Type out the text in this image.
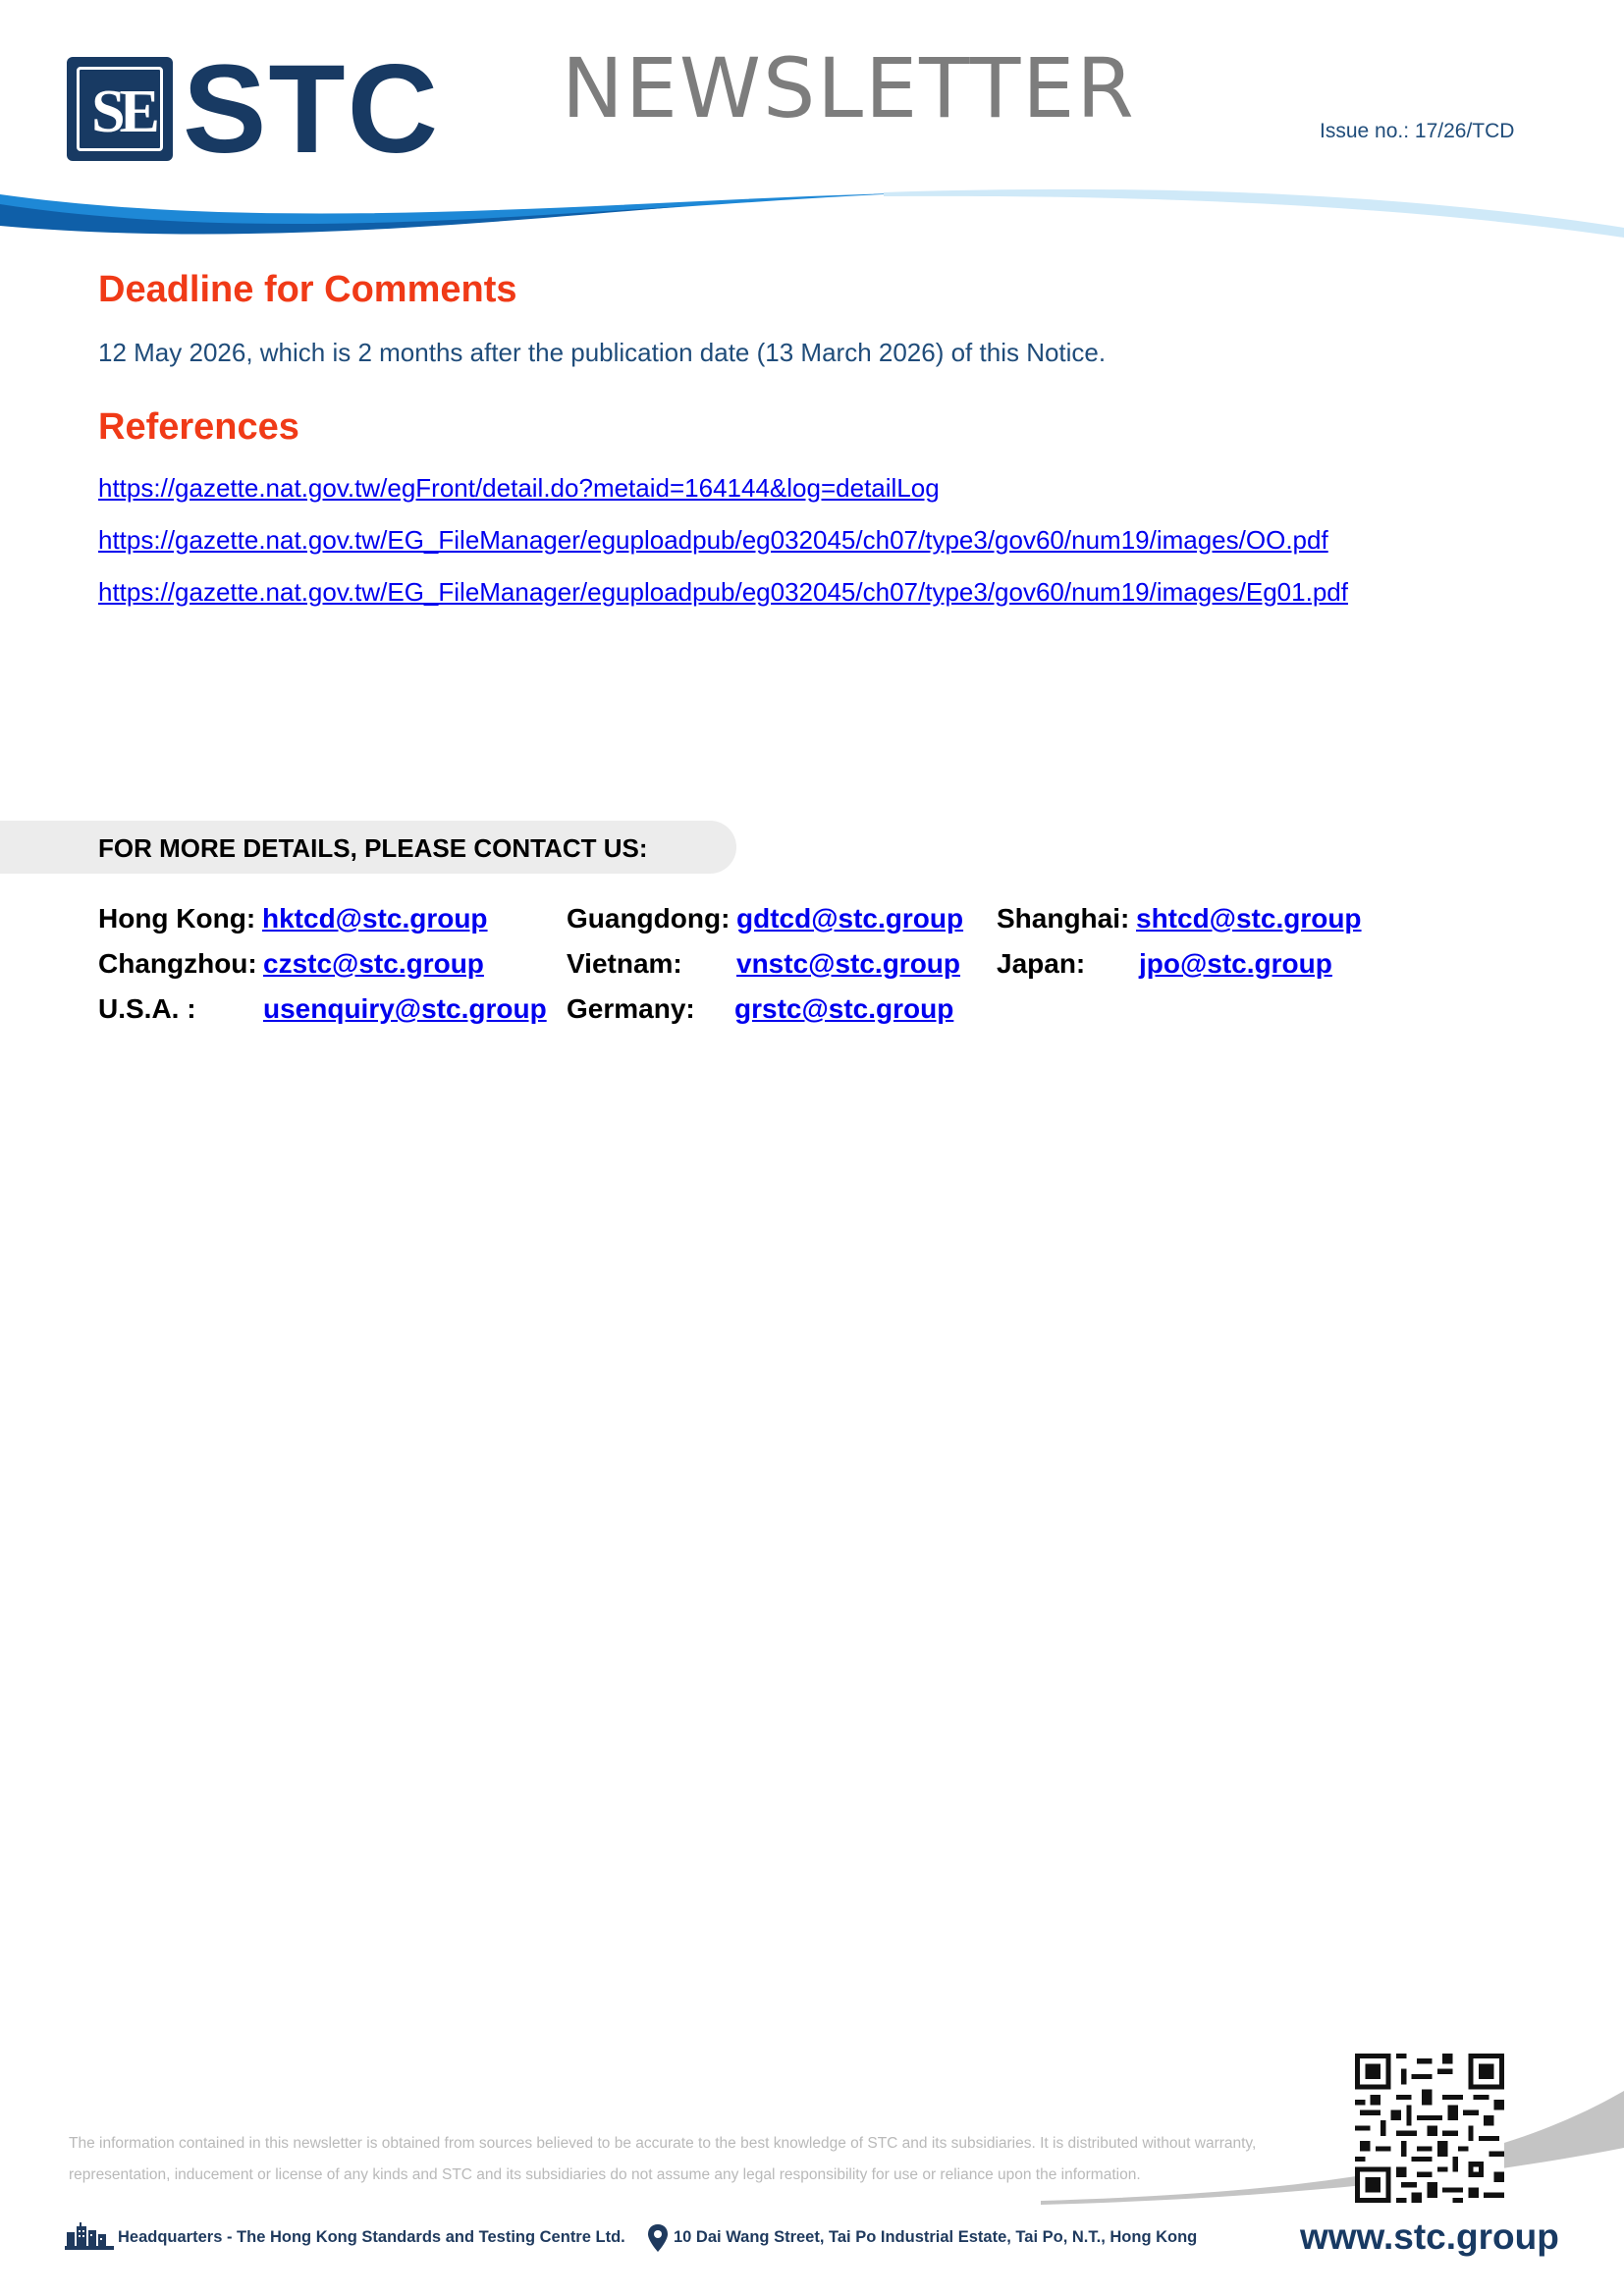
SE STC NEWSLETTER	Issue no.: 17/26/TCD
Deadline for Comments
12 May 2026, which is 2 months after the publication date (13 March 2026) of this Notice.
References
https://gazette.nat.gov.tw/egFront/detail.do?metaid=164144&log=detailLog
https://gazette.nat.gov.tw/EG_FileManager/eguploadpub/eg032045/ch07/type3/gov60/num19/images/OO.pdf
https://gazette.nat.gov.tw/EG_FileManager/eguploadpub/eg032045/ch07/type3/gov60/num19/images/Eg01.pdf
FOR MORE DETAILS, PLEASE CONTACT US:
Hong Kong: hktcd@stc.group	Guangdong: gdtcd@stc.group Shanghai: shtcd@stc.group
Changzhou: czstc@stc.group	Vietnam: vnstc@stc.group Japan: jpo@stc.group
U.S.A. : usenquiry@stc.group Germany: grstc@stc.group
The information contained in this newsletter is obtained from sources believed to be accurate to the best knowledge of STC and its subsidiaries. It is distributed without warranty, representation, inducement or license of any kinds and STC and its subsidiaries do not assume any legal responsibility for use or reliance upon the information.
Headquarters - The Hong Kong Standards and Testing Centre Ltd.	10 Dai Wang Street, Tai Po Industrial Estate, Tai Po, N.T., Hong Kong	www.stc.group
